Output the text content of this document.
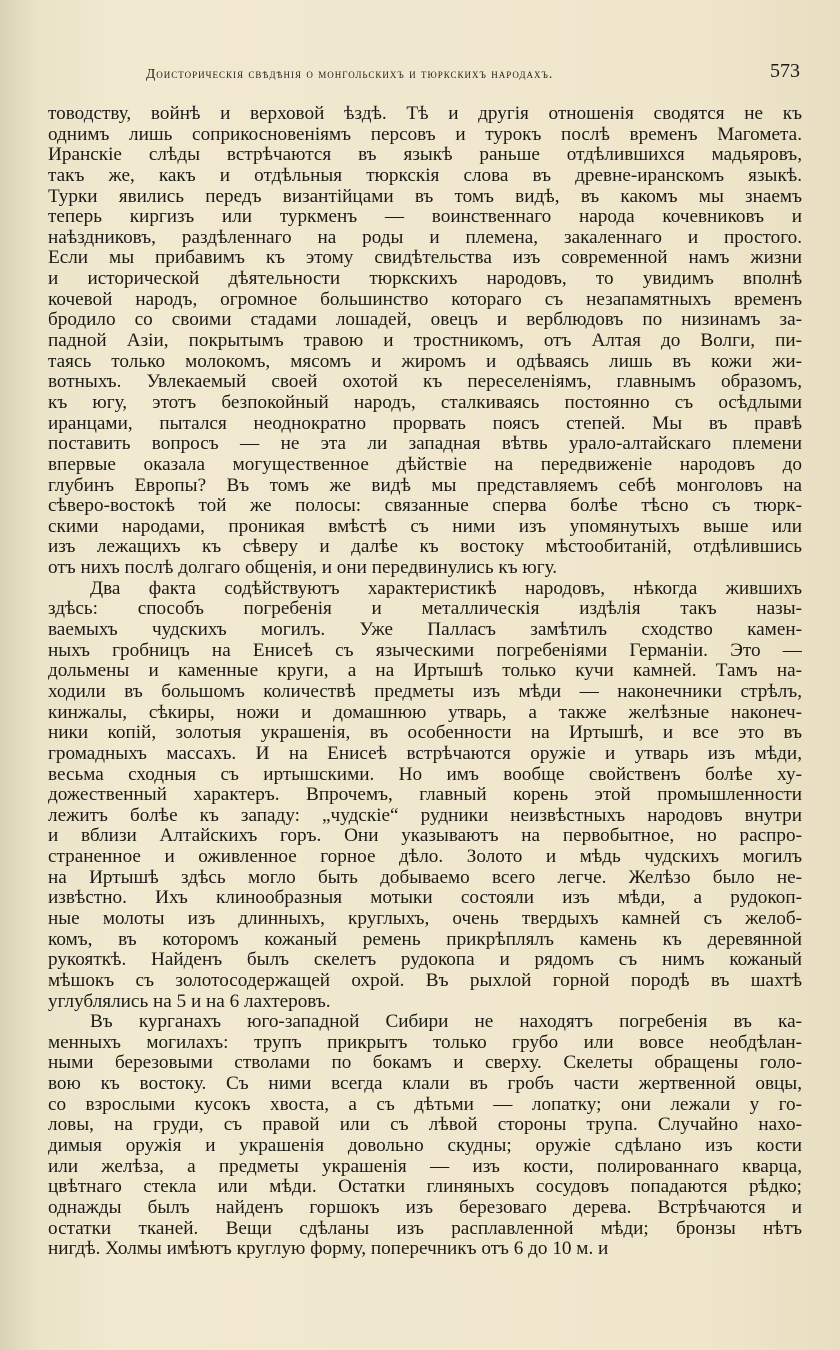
Доисторическія свѣдѣнія о монгольскихъ и тюркскихъ народахъ.	573
товодству, войнѣ и верховой ѣздѣ. Тѣ и другія отношенія сводятся не къ
однимъ лишь соприкосновеніямъ персовъ и турокъ послѣ временъ Магомета.
Иранскіе слѣды встрѣчаются въ языкѣ раньше отдѣлившихся мадьяровъ,
такъ же, какъ и отдѣльныя тюркскія слова въ древне-иранскомъ языкѣ.
Турки явились передъ византійцами въ томъ видѣ, въ какомъ мы знаемъ
теперь киргизъ или туркменъ — воинственнаго народа кочевниковъ и
наѣздниковъ, раздѣленнаго на роды и племена, закаленнаго и простого.
Если мы прибавимъ къ этому свидѣтельства изъ современной намъ жизни
и исторической дѣятельности тюркскихъ народовъ, то увидимъ вполнѣ
кочевой народъ, огромное большинство котораго съ незапамятныхъ временъ
бродило со своими стадами лошадей, овецъ и верблюдовъ по низинамъ за-
падной Азіи, покрытымъ травою и тростникомъ, отъ Алтая до Волги, пи-
таясь только молокомъ, мясомъ и жиромъ и одѣваясь лишь въ кожи жи-
вотныхъ. Увлекаемый своей охотой къ переселеніямъ, главнымъ образомъ,
къ югу, этотъ безпокойный народъ, сталкиваясь постоянно съ осѣдлыми
иранцами, пытался неоднократно прорвать поясъ степей. Мы въ правѣ
поставить вопросъ — не эта ли западная вѣтвь урало-алтайскаго племени
впервые оказала могущественное дѣйствіе на передвиженіе народовъ до
глубинъ Европы? Въ томъ же видѣ мы представляемъ себѣ монголовъ на
сѣверо-востокѣ той же полосы: связанные сперва болѣе тѣсно съ тюрк-
скими народами, проникая вмѣстѣ съ ними изъ упомянутыхъ выше или
изъ лежащихъ къ сѣверу и далѣе къ востоку мѣстообитаній, отдѣлившись
отъ нихъ послѣ долгаго общенія, и они передвинулись къ югу.
Два факта содѣйствуютъ характеристикѣ народовъ, нѣкогда жившихъ
здѣсь: способъ погребенія и металлическія издѣлія такъ назы-
ваемыхъ чудскихъ могилъ. Уже Палласъ замѣтилъ сходство камен-
ныхъ гробницъ на Енисеѣ съ языческими погребеніями Германіи. Это —
дольмены и каменные круги, а на Иртышѣ только кучи камней. Тамъ на-
ходили въ большомъ количествѣ предметы изъ мѣди — наконечники стрѣлъ,
кинжалы, сѣкиры, ножи и домашнюю утварь, а также желѣзные наконеч-
ники копій, золотыя украшенія, въ особенности на Иртышѣ, и все это въ
громадныхъ массахъ. И на Енисеѣ встрѣчаются оружіе и утварь изъ мѣди,
весьма сходныя съ иртышскими. Но имъ вообще свойственъ болѣе ху-
дожественный характеръ. Впрочемъ, главный корень этой промышленности
лежитъ болѣе къ западу: „чудскіе“ рудники неизвѣстныхъ народовъ внутри
и вблизи Алтайскихъ горъ. Они указываютъ на первобытное, но распро-
страненное и оживленное горное дѣло. Золото и мѣдь чудскихъ могилъ
на Иртышѣ здѣсь могло быть добываемо всего легче. Желѣзо было не-
извѣстно. Ихъ клинообразныя мотыки состояли изъ мѣди, а рудокоп-
ные молоты изъ длинныхъ, круглыхъ, очень твердыхъ камней съ желоб-
комъ, въ которомъ кожаный ремень прикрѣплялъ камень къ деревянной
рукояткѣ. Найденъ былъ скелетъ рудокопа и рядомъ съ нимъ кожаный
мѣшокъ съ золотосодержащей охрой. Въ рыхлой горной породѣ въ шахтѣ
углублялись на 5 и на 6 лахтеровъ.
Въ курганахъ юго-западной Сибири не находятъ погребенія въ ка-
менныхъ могилахъ: трупъ прикрытъ только грубо или вовсе необдѣлан-
ными березовыми стволами по бокамъ и сверху. Скелеты обращены голо-
вою къ востоку. Съ ними всегда клали въ гробъ части жертвенной овцы,
со взрослыми кусокъ хвоста, а съ дѣтьми — лопатку; они лежали у го-
ловы, на груди, съ правой или съ лѣвой стороны трупа. Случайно нахо-
димыя оружія и украшенія довольно скудны; оружіе сдѣлано изъ кости
или желѣза, а предметы украшенія — изъ кости, полированнаго кварца,
цвѣтнаго стекла или мѣди. Остатки глиняныхъ сосудовъ попадаются рѣдко;
однажды былъ найденъ горшокъ изъ березоваго дерева. Встрѣчаются и
остатки тканей. Вещи сдѣланы изъ расплавленной мѣди; бронзы нѣтъ
нигдѣ. Холмы имѣютъ круглую форму, поперечникъ отъ 6 до 10 м. и
